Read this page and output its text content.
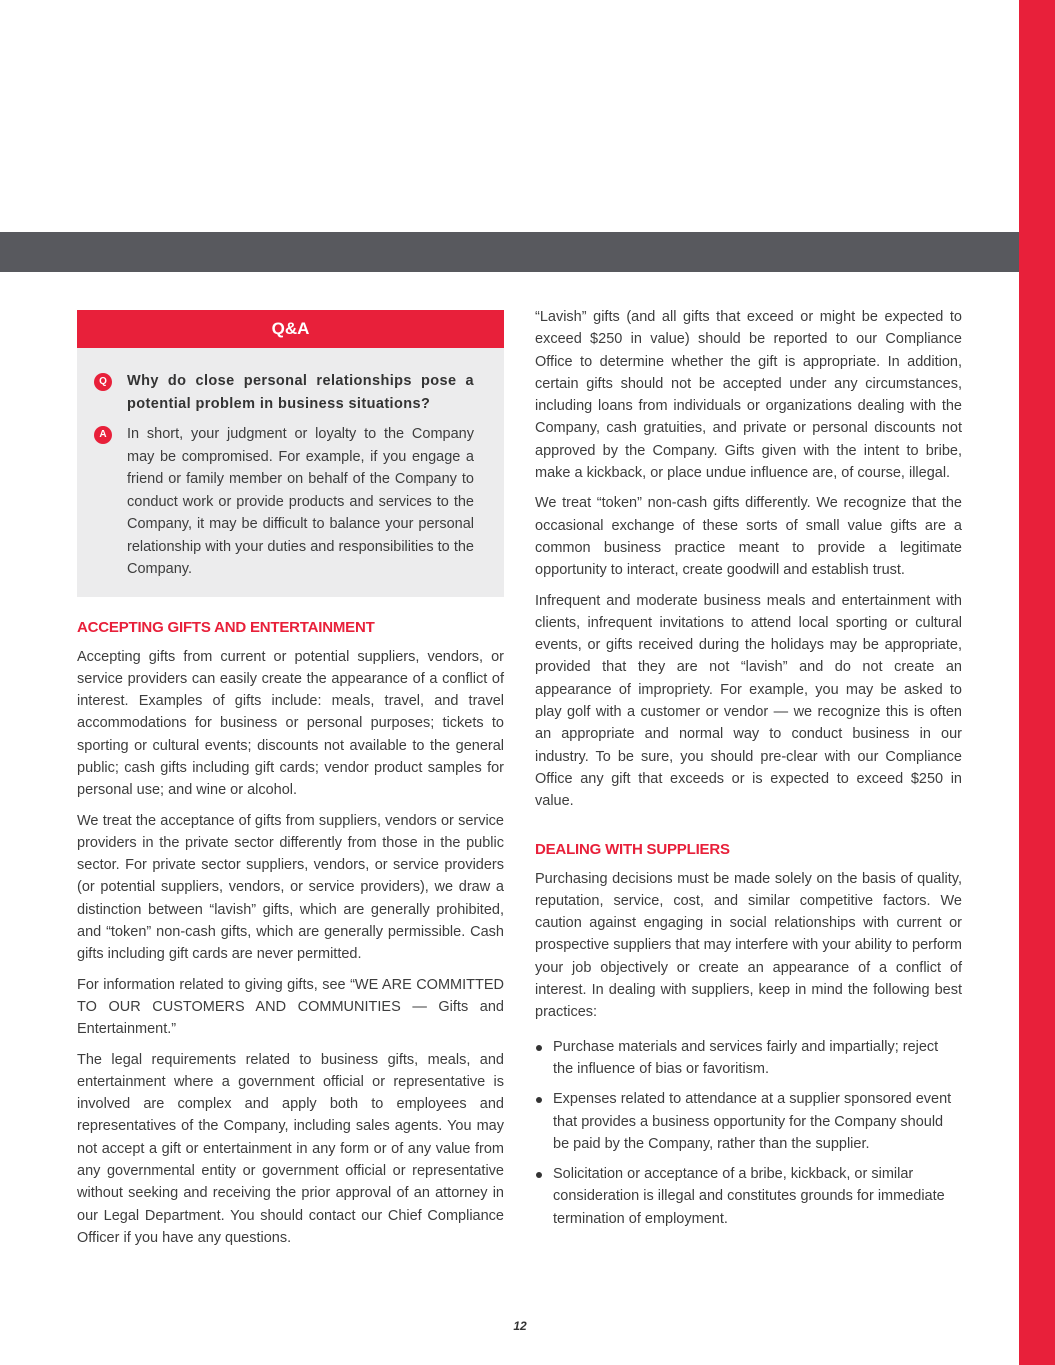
Q&A
Q	Why do close personal relationships pose a potential problem in business situations?
A	In short, your judgment or loyalty to the Company may be compromised. For example, if you engage a friend or family member on behalf of the Company to conduct work or provide products and services to the Company, it may be difficult to balance your personal relationship with your duties and responsibilities to the Company.
ACCEPTING GIFTS AND ENTERTAINMENT

Accepting gifts from current or potential suppliers, vendors, or service providers can easily create the appearance of a conflict of interest. Examples of gifts include: meals, travel, and travel accommodations for business or personal purposes; tickets to sporting or cultural events; discounts not available to the general public; cash gifts including gift cards; vendor product samples for personal use; and wine or alcohol.

We treat the acceptance of gifts from suppliers, vendors or service providers in the private sector differently from those in the public sector. For private sector suppliers, vendors, or service providers (or potential suppliers, vendors, or service providers), we draw a distinction between “lavish” gifts, which are generally prohibited, and “token” non-cash gifts, which are generally permissible. Cash gifts including gift cards are never permitted.

For information related to giving gifts, see “WE ARE COMMITTED TO OUR CUSTOMERS AND COMMUNITIES — Gifts and Entertainment.”

The legal requirements related to business gifts, meals, and entertainment where a government official or representative is involved are complex and apply both to employees and representatives of the Company, including sales agents. You may not accept a gift or entertainment in any form or of any value from any governmental entity or government official or representative without seeking and receiving the prior approval of an attorney in our Legal Department. You should contact our Chief Compliance Officer if you have any questions.

“Lavish” gifts (and all gifts that exceed or might be expected to exceed $250 in value) should be reported to our Compliance Office to determine whether the gift is appropriate. In addition, certain gifts should not be accepted under any circumstances, including loans from individuals or organizations dealing with the Company, cash gratuities, and private or personal discounts not approved by the Company. Gifts given with the intent to bribe, make a kickback, or place undue influence are, of course, illegal.

We treat “token” non-cash gifts differently. We recognize that the occasional exchange of these sorts of small value gifts are a common business practice meant to provide a legitimate opportunity to interact, create goodwill and establish trust.

Infrequent and moderate business meals and entertainment with clients, infrequent invitations to attend local sporting or cultural events, or gifts received during the holidays may be appropriate, provided that they are not “lavish” and do not create an appearance of impropriety. For example, you may be asked to play golf with a customer or vendor — we recognize this is often an appropriate and normal way to conduct business in our industry. To be sure, you should pre-clear with our Compliance Office any gift that exceeds or is expected to exceed $250 in value.

DEALING WITH SUPPLIERS

Purchasing decisions must be made solely on the basis of quality, reputation, service, cost, and similar competitive factors. We caution against engaging in social relationships with current or prospective suppliers that may interfere with your ability to perform your job objectively or create an appearance of a conflict of interest. In dealing with suppliers, keep in mind the following best practices:

Purchase materials and services fairly and impartially; reject the influence of bias or favoritism.
Expenses related to attendance at a supplier sponsored event that provides a business opportunity for the Company should be paid by the Company, rather than the supplier.
Solicitation or acceptance of a bribe, kickback, or similar consideration is illegal and constitutes grounds for immediate termination of employment.
12
